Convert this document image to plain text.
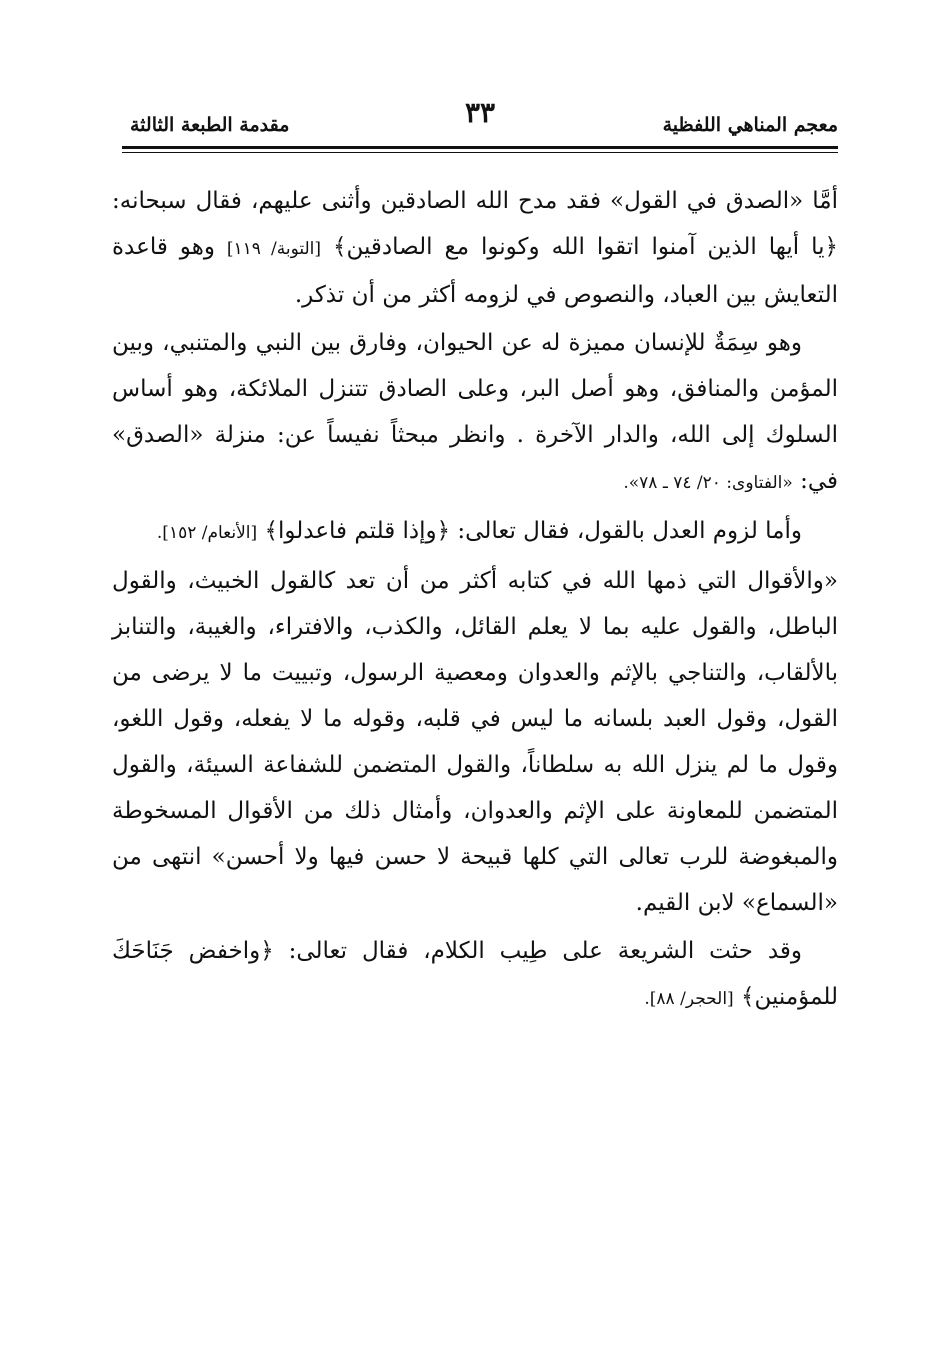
معجم المناهي اللفظية
٣٣
مقدمة الطبعة الثالثة

أمَّا «الصدق في القول» فقد مدح الله الصادقين وأثنى عليهم، فقال سبحانه: ﴿يا أيها الذين آمنوا اتقوا الله وكونوا مع الصادقين﴾ [التوبة/ ١١٩] وهو قاعدة التعايش بين العباد، والنصوص في لزومه أكثر من أن تذكر.

وهو سِمَةٌ للإنسان مميزة له عن الحيوان، وفارق بين النبي والمتنبي، وبين المؤمن والمنافق، وهو أصل البر، وعلى الصادق تتنزل الملائكة، وهو أساس السلوك إلى الله، والدار الآخرة . وانظر مبحثاً نفيساً عن: منزلة «الصدق» في: «الفتاوى: ٢٠/ ٧٤ ـ ٧٨».

وأما لزوم العدل بالقول، فقال تعالى: ﴿وإذا قلتم فاعدلوا﴾ [الأنعام/ ١٥٢].

«والأقوال التي ذمها الله في كتابه أكثر من أن تعد كالقول الخبيث، والقول الباطل، والقول عليه بما لا يعلم القائل، والكذب، والافتراء، والغيبة، والتنابز بالألقاب، والتناجي بالإثم والعدوان ومعصية الرسول، وتبييت ما لا يرضى من القول، وقول العبد بلسانه ما ليس في قلبه، وقوله ما لا يفعله، وقول اللغو، وقول ما لم ينزل الله به سلطاناً، والقول المتضمن للشفاعة السيئة، والقول المتضمن للمعاونة على الإثم والعدوان، وأمثال ذلك من الأقوال المسخوطة والمبغوضة للرب تعالى التي كلها قبيحة لا حسن فيها ولا أحسن» انتهى من «السماع» لابن القيم.

وقد حثت الشريعة على طِيب الكلام، فقال تعالى: ﴿واخفض جَنَاحَكَ للمؤمنين﴾ [الحجر/ ٨٨].
